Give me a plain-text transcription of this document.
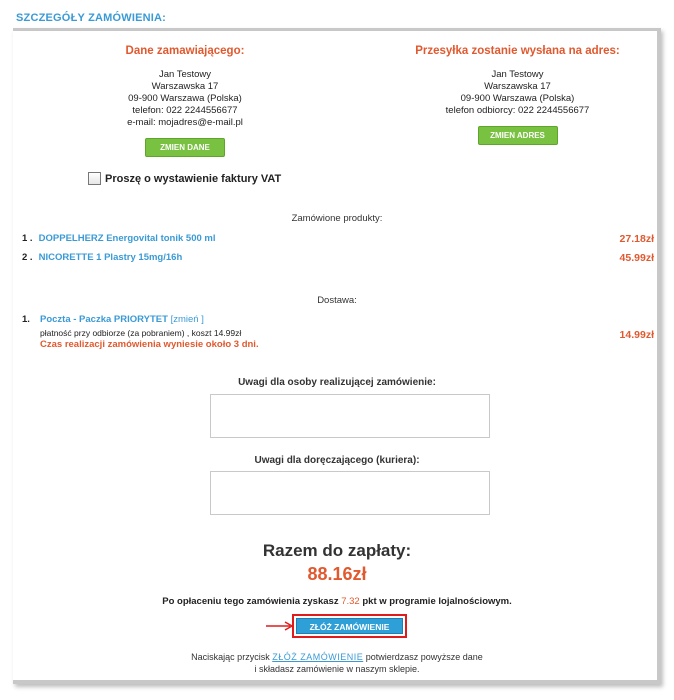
SZCZEGÓŁY ZAMÓWIENIA:
Dane zamawiającego:
Jan Testowy
Warszawska 17
09-900 Warszawa (Polska)
telefon: 022 2244556677
e-mail: mojadres@e-mail.pl
ZMIEN DANE
Przesyłka zostanie wysłana na adres:
Jan Testowy
Warszawska 17
09-900 Warszawa (Polska)
telefon odbiorcy: 022 2244556677
ZMIEN ADRES
Proszę o wystawienie faktury VAT
Zamówione produkty:
1 . DOPPELHERZ Energovital tonik 500 ml	27.18zł
2 . NICORETTE 1 Plastry 15mg/16h	45.99zł
Dostawa:
1. Poczta - Paczka PRIORYTET [zmień ]
płatność przy odbiorze (za pobraniem) , koszt 14.99zł
Czas realizacji zamówienia wyniesie około 3 dni.
14.99zł
Uwagi dla osoby realizującej zamówienie:
Uwagi dla doręczającego (kuriera):
Razem do zapłaty:
88.16zł
Po opłaceniu tego zamówienia zyskasz 7.32 pkt w programie lojalnościowym.
ZŁÓŻ ZAMÓWIENIE
Naciskając przycisk ZŁÓŻ ZAMÓWIENIE potwierdzasz powyższe dane
i składasz zamówienie w naszym sklepie.
